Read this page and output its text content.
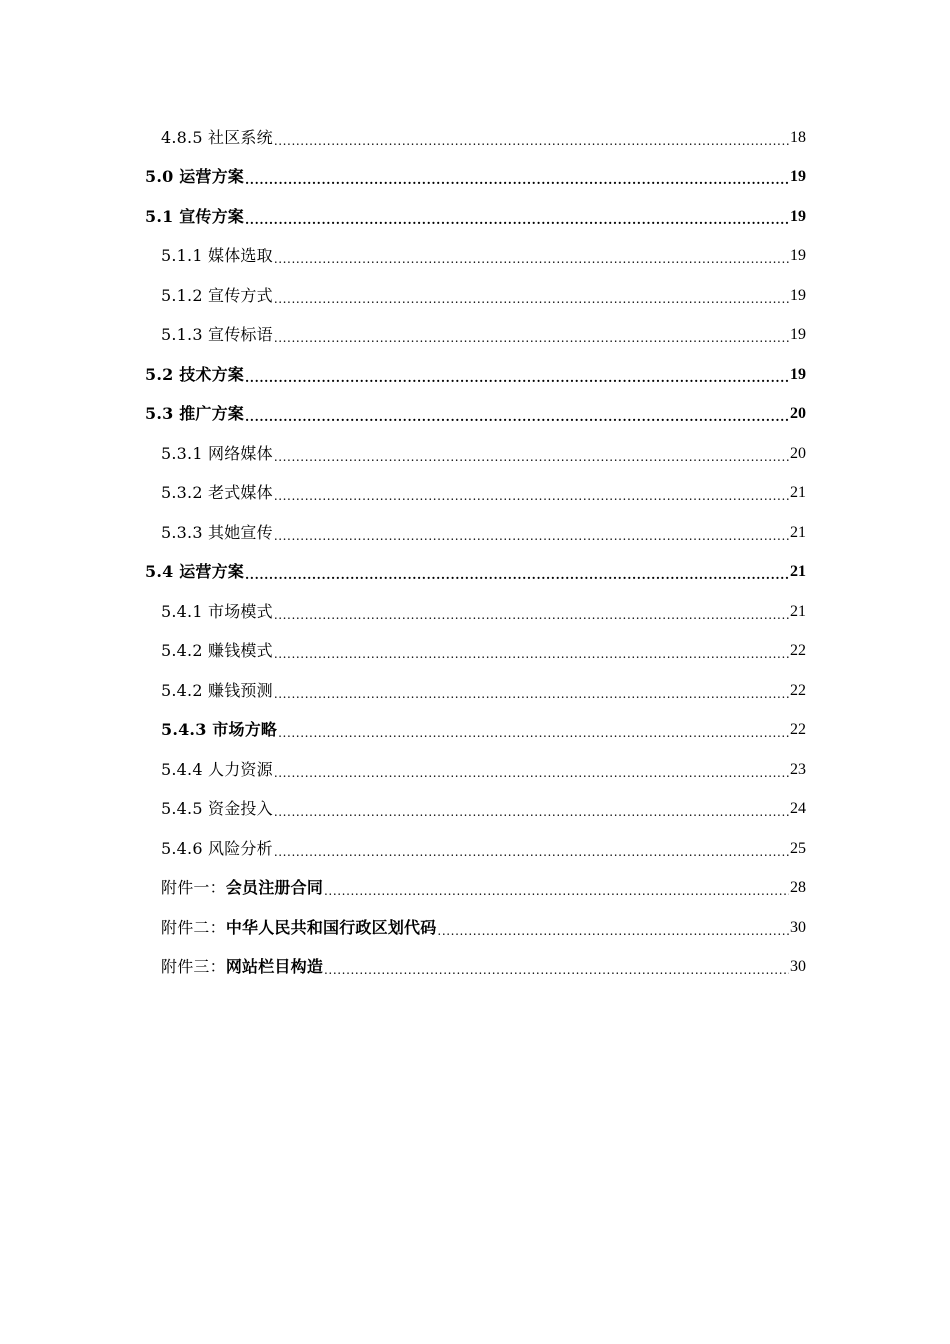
4.8.5 社区系统 .....	18
5.0 运营方案 .....	19
5.1 宣传方案 .....	19
5.1.1 媒体选取 .....	19
5.1.2 宣传方式 .....	19
5.1.3 宣传标语 .....	19
5.2 技术方案 .....	19
5.3 推广方案 .....	20
5.3.1 网络媒体 .....	20
5.3.2 老式媒体 .....	21
5.3.3 其她宣传 .....	21
5.4 运营方案 .....	21
5.4.1 市场模式 .....	21
5.4.2 赚钱模式 .....	22
5.4.2 赚钱预测 .....	22
5.4.3 市场方略 .....	22
5.4.4 人力资源 .....	23
5.4.5 资金投入 .....	24
5.4.6 风险分析 .....	25
附件一：会员注册合同 .....	28
附件二：中华人民共和国行政区划代码 .....	30
附件三：网站栏目构造 .....	30
